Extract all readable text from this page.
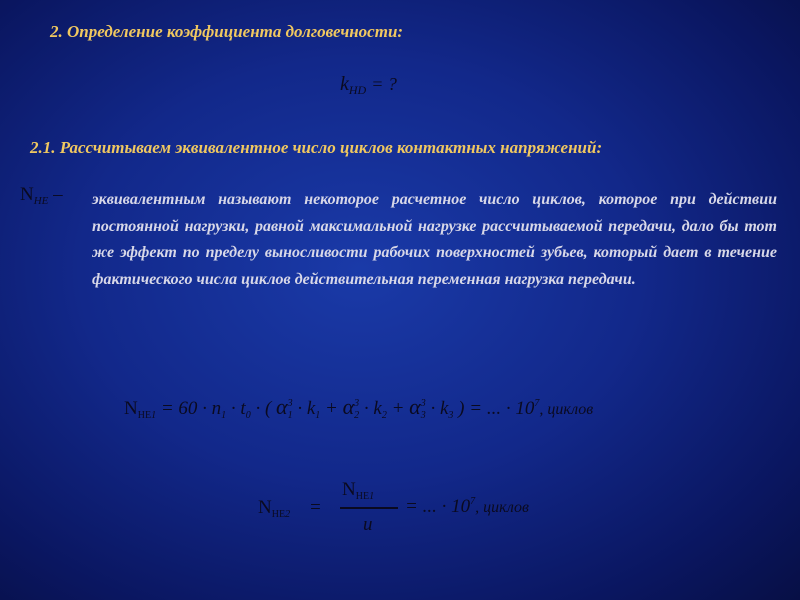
2. Определение коэффициента долговечности:
$k_{HD}$ = ?
2.1. Рассчитываем эквивалентное число циклов контактных напряжений:
$N_{HE}$ – эквивалентным называют некоторое расчетное число циклов, которое при действии постоянной нагрузки, равной максимальной нагрузке рассчитываемой передачи, дало бы тот же эффект по пределу выносливости рабочих поверхностей зубьев, который дает в течение фактического числа циклов действительная переменная нагрузка передачи.
$N_{HE1} = 60 \cdot n_1 \cdot t_0$ · ( $\alpha^3_1 \cdot k_1 + \alpha^3_2 \cdot k_2 + \alpha^3_3 \cdot k_3$ ) = ... · $10^7$, циклов
$N_{HE2}$ =
$N_{HE1}$
u
= ... · $10^7$, циклов
